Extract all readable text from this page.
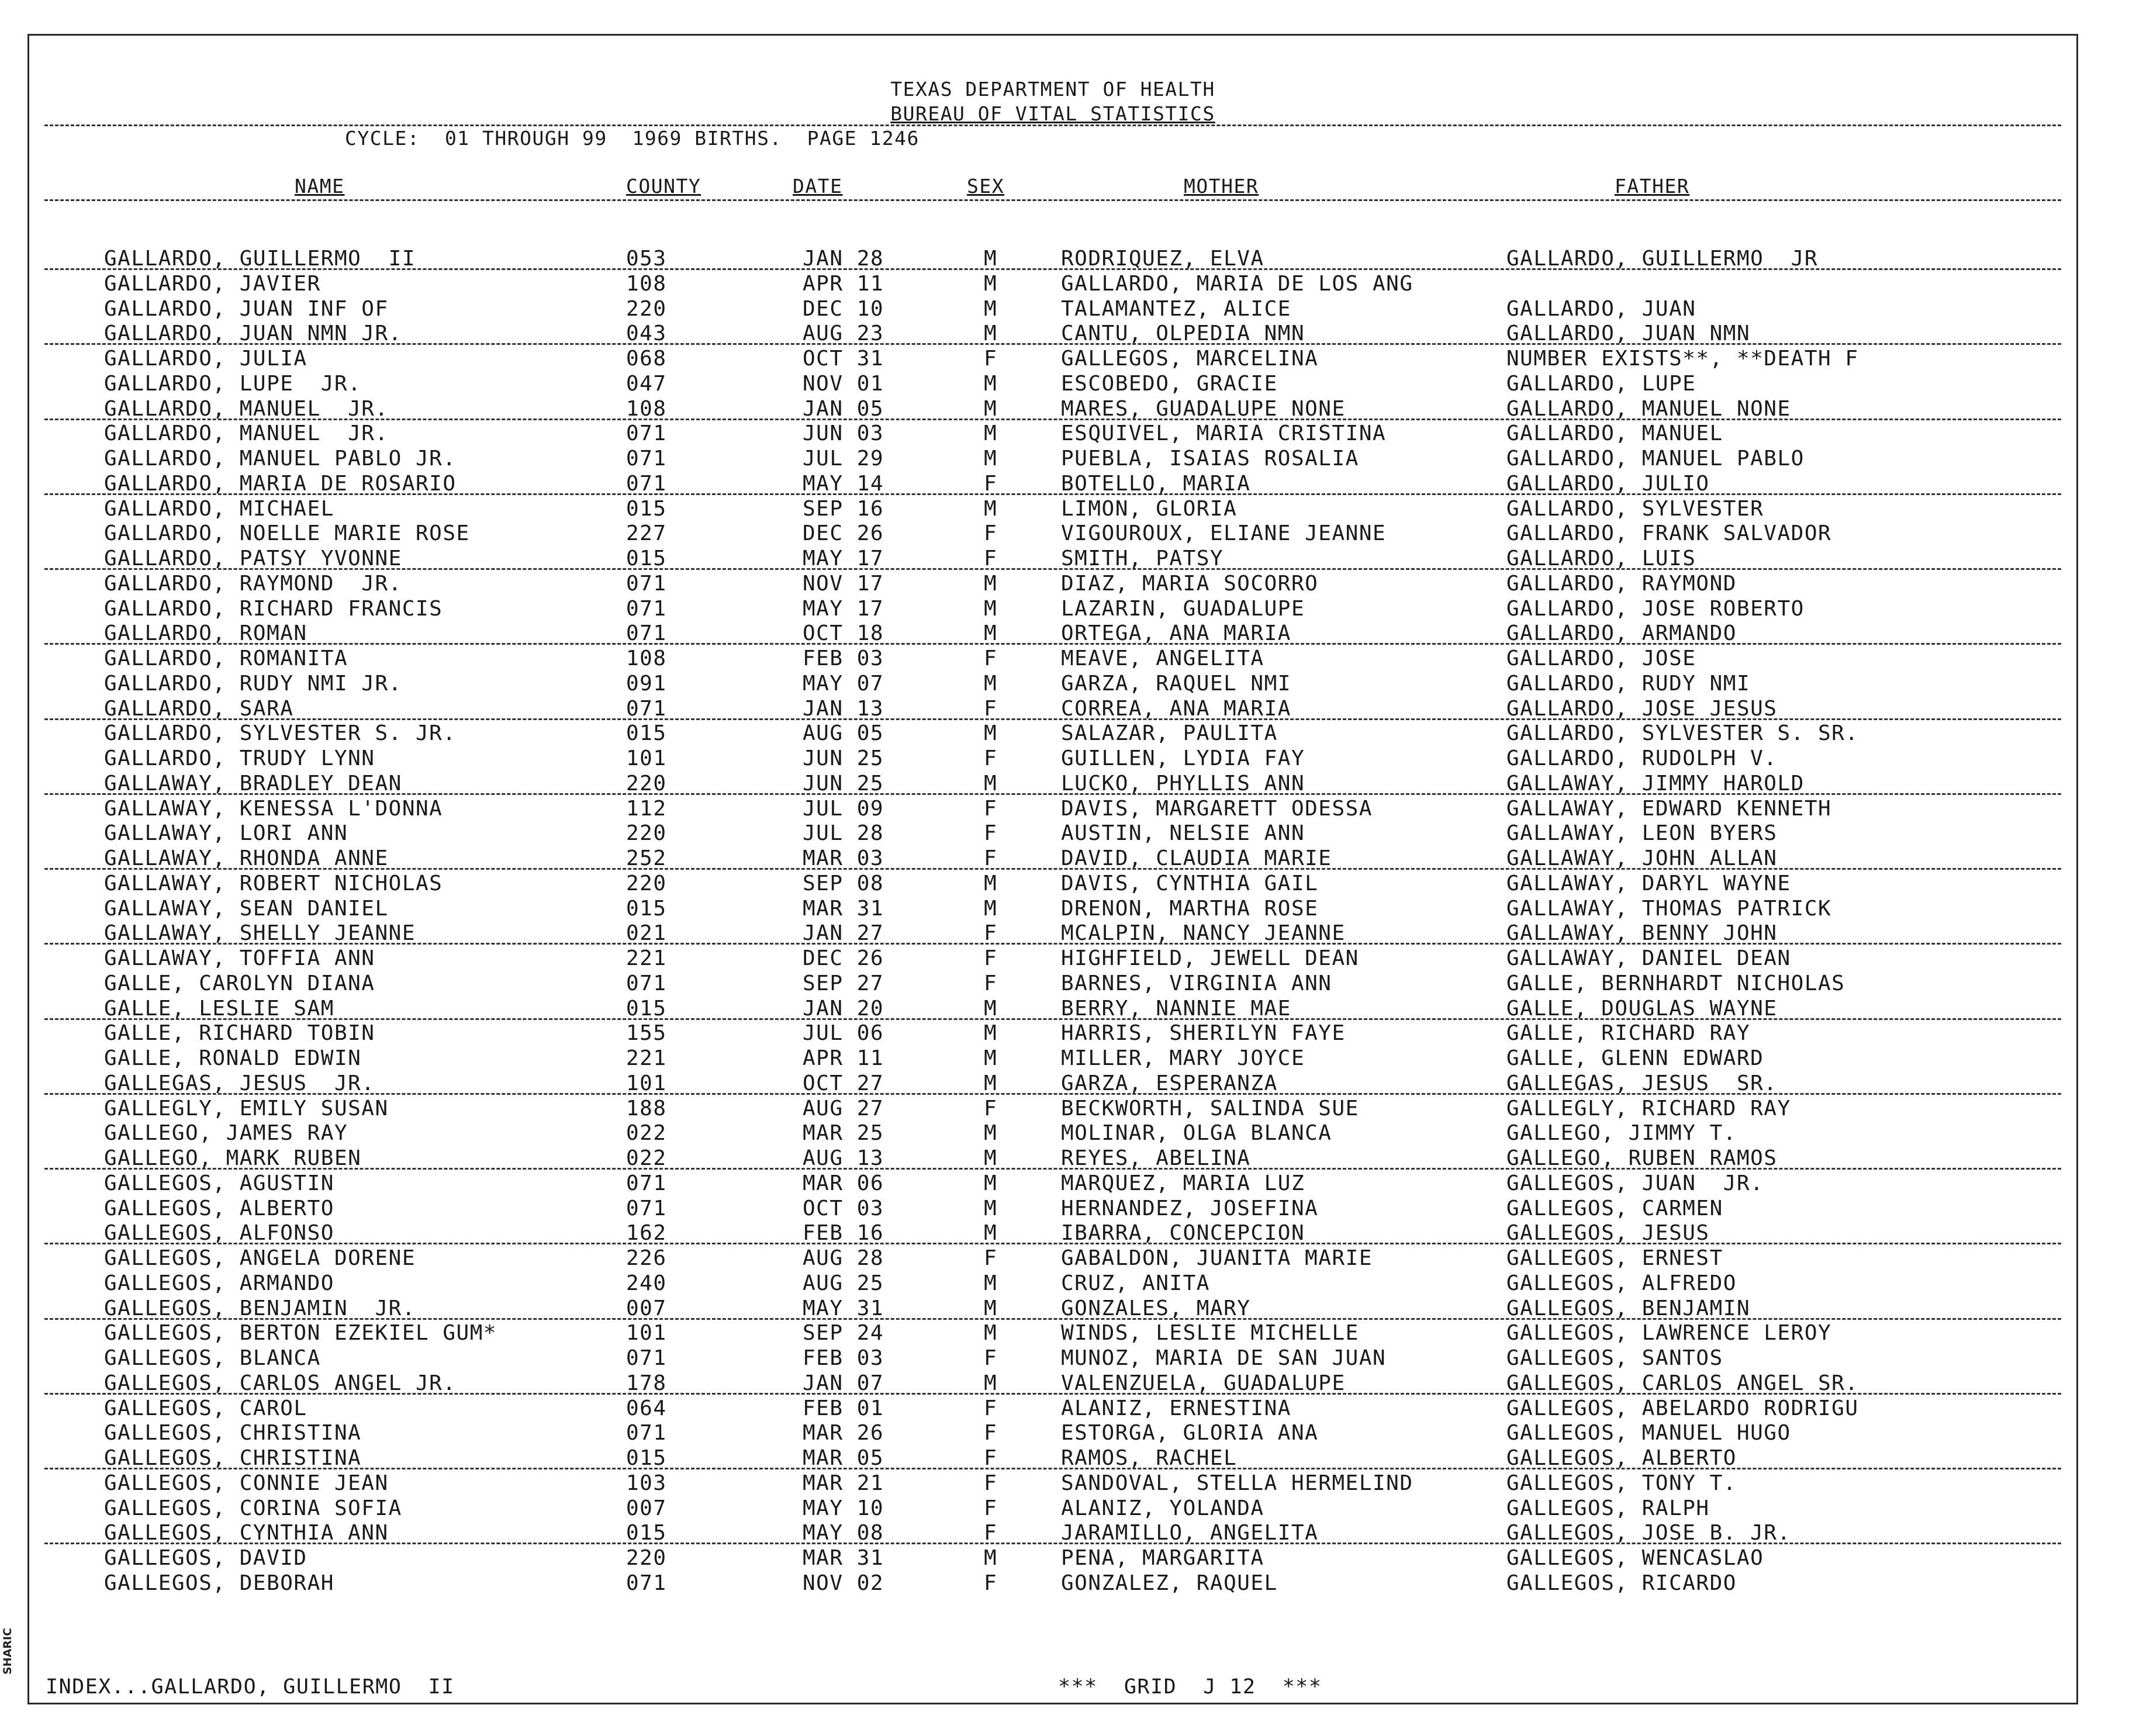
SHARIC
TEXAS DEPARTMENT OF HEALTH
BUREAU OF VITAL STATISTICS
CYCLE:  01 THROUGH 99  1969 BIRTHS.  PAGE 1246
NAME	COUNTY	DATE	SEX	MOTHER	FATHER
GALLARDO, GUILLERMO  II	053	JAN 28	M	RODRIQUEZ, ELVA	GALLARDO, GUILLERMO  JR
GALLARDO, JAVIER	108	APR 11	M	GALLARDO, MARIA DE LOS ANG
GALLARDO, JUAN INF OF	220	DEC 10	M	TALAMANTEZ, ALICE	GALLARDO, JUAN
GALLARDO, JUAN NMN JR.	043	AUG 23	M	CANTU, OLPEDIA NMN	GALLARDO, JUAN NMN
GALLARDO, JULIA	068	OCT 31	F	GALLEGOS, MARCELINA	NUMBER EXISTS**, **DEATH F
GALLARDO, LUPE  JR.	047	NOV 01	M	ESCOBEDO, GRACIE	GALLARDO, LUPE
GALLARDO, MANUEL  JR.	108	JAN 05	M	MARES, GUADALUPE NONE	GALLARDO, MANUEL NONE
GALLARDO, MANUEL  JR.	071	JUN 03	M	ESQUIVEL, MARIA CRISTINA	GALLARDO, MANUEL
GALLARDO, MANUEL PABLO JR.	071	JUL 29	M	PUEBLA, ISAIAS ROSALIA	GALLARDO, MANUEL PABLO
GALLARDO, MARIA DE ROSARIO	071	MAY 14	F	BOTELLO, MARIA	GALLARDO, JULIO
GALLARDO, MICHAEL	015	SEP 16	M	LIMON, GLORIA	GALLARDO, SYLVESTER
GALLARDO, NOELLE MARIE ROSE	227	DEC 26	F	VIGOUROUX, ELIANE JEANNE	GALLARDO, FRANK SALVADOR
GALLARDO, PATSY YVONNE	015	MAY 17	F	SMITH, PATSY	GALLARDO, LUIS
GALLARDO, RAYMOND  JR.	071	NOV 17	M	DIAZ, MARIA SOCORRO	GALLARDO, RAYMOND
GALLARDO, RICHARD FRANCIS	071	MAY 17	M	LAZARIN, GUADALUPE	GALLARDO, JOSE ROBERTO
GALLARDO, ROMAN	071	OCT 18	M	ORTEGA, ANA MARIA	GALLARDO, ARMANDO
GALLARDO, ROMANITA	108	FEB 03	F	MEAVE, ANGELITA	GALLARDO, JOSE
GALLARDO, RUDY NMI JR.	091	MAY 07	M	GARZA, RAQUEL NMI	GALLARDO, RUDY NMI
GALLARDO, SARA	071	JAN 13	F	CORREA, ANA MARIA	GALLARDO, JOSE JESUS
GALLARDO, SYLVESTER S. JR.	015	AUG 05	M	SALAZAR, PAULITA	GALLARDO, SYLVESTER S. SR.
GALLARDO, TRUDY LYNN	101	JUN 25	F	GUILLEN, LYDIA FAY	GALLARDO, RUDOLPH V.
GALLAWAY, BRADLEY DEAN	220	JUN 25	M	LUCKO, PHYLLIS ANN	GALLAWAY, JIMMY HAROLD
GALLAWAY, KENESSA L'DONNA	112	JUL 09	F	DAVIS, MARGARETT ODESSA	GALLAWAY, EDWARD KENNETH
GALLAWAY, LORI ANN	220	JUL 28	F	AUSTIN, NELSIE ANN	GALLAWAY, LEON BYERS
GALLAWAY, RHONDA ANNE	252	MAR 03	F	DAVID, CLAUDIA MARIE	GALLAWAY, JOHN ALLAN
GALLAWAY, ROBERT NICHOLAS	220	SEP 08	M	DAVIS, CYNTHIA GAIL	GALLAWAY, DARYL WAYNE
GALLAWAY, SEAN DANIEL	015	MAR 31	M	DRENON, MARTHA ROSE	GALLAWAY, THOMAS PATRICK
GALLAWAY, SHELLY JEANNE	021	JAN 27	F	MCALPIN, NANCY JEANNE	GALLAWAY, BENNY JOHN
GALLAWAY, TOFFIA ANN	221	DEC 26	F	HIGHFIELD, JEWELL DEAN	GALLAWAY, DANIEL DEAN
GALLE, CAROLYN DIANA	071	SEP 27	F	BARNES, VIRGINIA ANN	GALLE, BERNHARDT NICHOLAS
GALLE, LESLIE SAM	015	JAN 20	M	BERRY, NANNIE MAE	GALLE, DOUGLAS WAYNE
GALLE, RICHARD TOBIN	155	JUL 06	M	HARRIS, SHERILYN FAYE	GALLE, RICHARD RAY
GALLE, RONALD EDWIN	221	APR 11	M	MILLER, MARY JOYCE	GALLE, GLENN EDWARD
GALLEGAS, JESUS  JR.	101	OCT 27	M	GARZA, ESPERANZA	GALLEGAS, JESUS  SR.
GALLEGLY, EMILY SUSAN	188	AUG 27	F	BECKWORTH, SALINDA SUE	GALLEGLY, RICHARD RAY
GALLEGO, JAMES RAY	022	MAR 25	M	MOLINAR, OLGA BLANCA	GALLEGO, JIMMY T.
GALLEGO, MARK RUBEN	022	AUG 13	M	REYES, ABELINA	GALLEGO, RUBEN RAMOS
GALLEGOS, AGUSTIN	071	MAR 06	M	MARQUEZ, MARIA LUZ	GALLEGOS, JUAN  JR.
GALLEGOS, ALBERTO	071	OCT 03	M	HERNANDEZ, JOSEFINA	GALLEGOS, CARMEN
GALLEGOS, ALFONSO	162	FEB 16	M	IBARRA, CONCEPCION	GALLEGOS, JESUS
GALLEGOS, ANGELA DORENE	226	AUG 28	F	GABALDON, JUANITA MARIE	GALLEGOS, ERNEST
GALLEGOS, ARMANDO	240	AUG 25	M	CRUZ, ANITA	GALLEGOS, ALFREDO
GALLEGOS, BENJAMIN  JR.	007	MAY 31	M	GONZALES, MARY	GALLEGOS, BENJAMIN
GALLEGOS, BERTON EZEKIEL GUM*	101	SEP 24	M	WINDS, LESLIE MICHELLE	GALLEGOS, LAWRENCE LEROY
GALLEGOS, BLANCA	071	FEB 03	F	MUNOZ, MARIA DE SAN JUAN	GALLEGOS, SANTOS
GALLEGOS, CARLOS ANGEL JR.	178	JAN 07	M	VALENZUELA, GUADALUPE	GALLEGOS, CARLOS ANGEL SR.
GALLEGOS, CAROL	064	FEB 01	F	ALANIZ, ERNESTINA	GALLEGOS, ABELARDO RODRIGU
GALLEGOS, CHRISTINA	071	MAR 26	F	ESTORGA, GLORIA ANA	GALLEGOS, MANUEL HUGO
GALLEGOS, CHRISTINA	015	MAR 05	F	RAMOS, RACHEL	GALLEGOS, ALBERTO
GALLEGOS, CONNIE JEAN	103	MAR 21	F	SANDOVAL, STELLA HERMELIND	GALLEGOS, TONY T.
GALLEGOS, CORINA SOFIA	007	MAY 10	F	ALANIZ, YOLANDA	GALLEGOS, RALPH
GALLEGOS, CYNTHIA ANN	015	MAY 08	F	JARAMILLO, ANGELITA	GALLEGOS, JOSE B. JR.
GALLEGOS, DAVID	220	MAR 31	M	PENA, MARGARITA	GALLEGOS, WENCASLAO
GALLEGOS, DEBORAH	071	NOV 02	F	GONZALEZ, RAQUEL	GALLEGOS, RICARDO
INDEX...GALLARDO, GUILLERMO  II	***  GRID  J 12  ***
